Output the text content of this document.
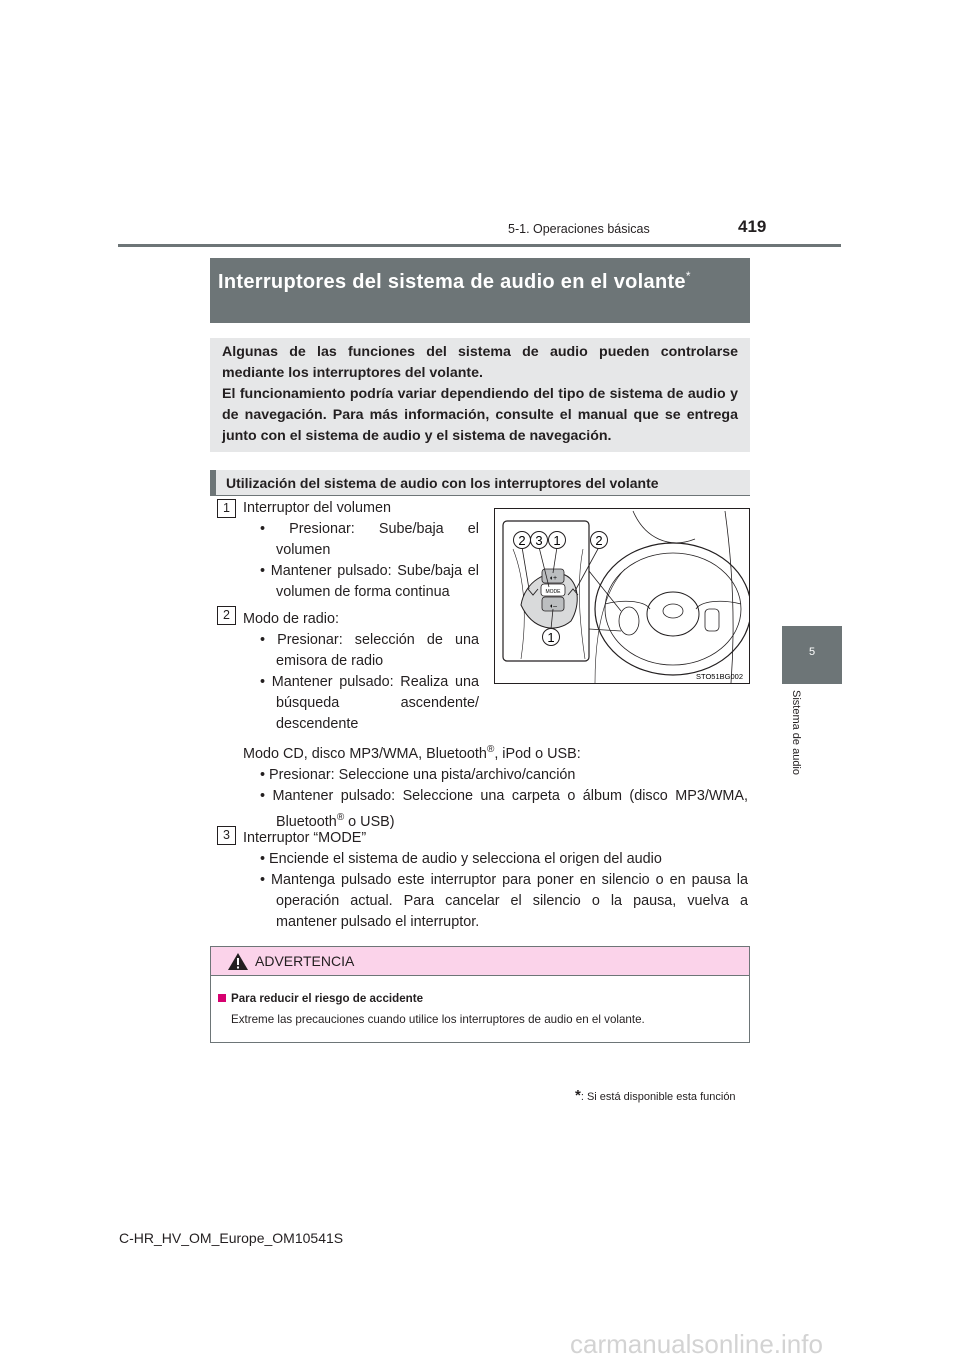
5-1. Operaciones básicas	419
5
Sistema de audio
Interruptores del sistema de audio en el volante*
Algunas de las funciones del sistema de audio pueden controlarse mediante los interruptores del volante.
El funcionamiento podría variar dependiendo del tipo de sistema de audio y de navegación. Para más información, consulte el manual que se entrega junto con el sistema de audio y el sistema de navegación.
Utilización del sistema de audio con los interruptores del volante
1 Interruptor del volumen
• Presionar: Sube/baja el
volumen
• Mantener pulsado: Sube/baja el
volumen de forma continua
2 Modo de radio:
• Presionar: selección de una
emisora de radio
• Mantener pulsado: Realiza una
búsqueda ascendente/
descendente
Modo CD, disco MP3/WMA, Bluetooth®, iPod o USB:
• Presionar: Seleccione una pista/archivo/canción
• Mantener pulsado: Seleccione una carpeta o álbum (disco MP3/WMA,
Bluetooth® o USB)
3 Interruptor “MODE”
• Enciende el sistema de audio y selecciona el origen del audio
• Mantenga pulsado este interruptor para poner en silencio o en pausa la
operación actual. Para cancelar el silencio o la pausa, vuelva a
mantener pulsado el interruptor.
MODE
◖+
◖–
2 3 1	2
1
STO51BG002
ADVERTENCIA
Para reducir el riesgo de accidente
Extreme las precauciones cuando utilice los interruptores de audio en el volante.
*: Si está disponible esta función
C-HR_HV_OM_Europe_OM10541S
carmanualsonline.info
